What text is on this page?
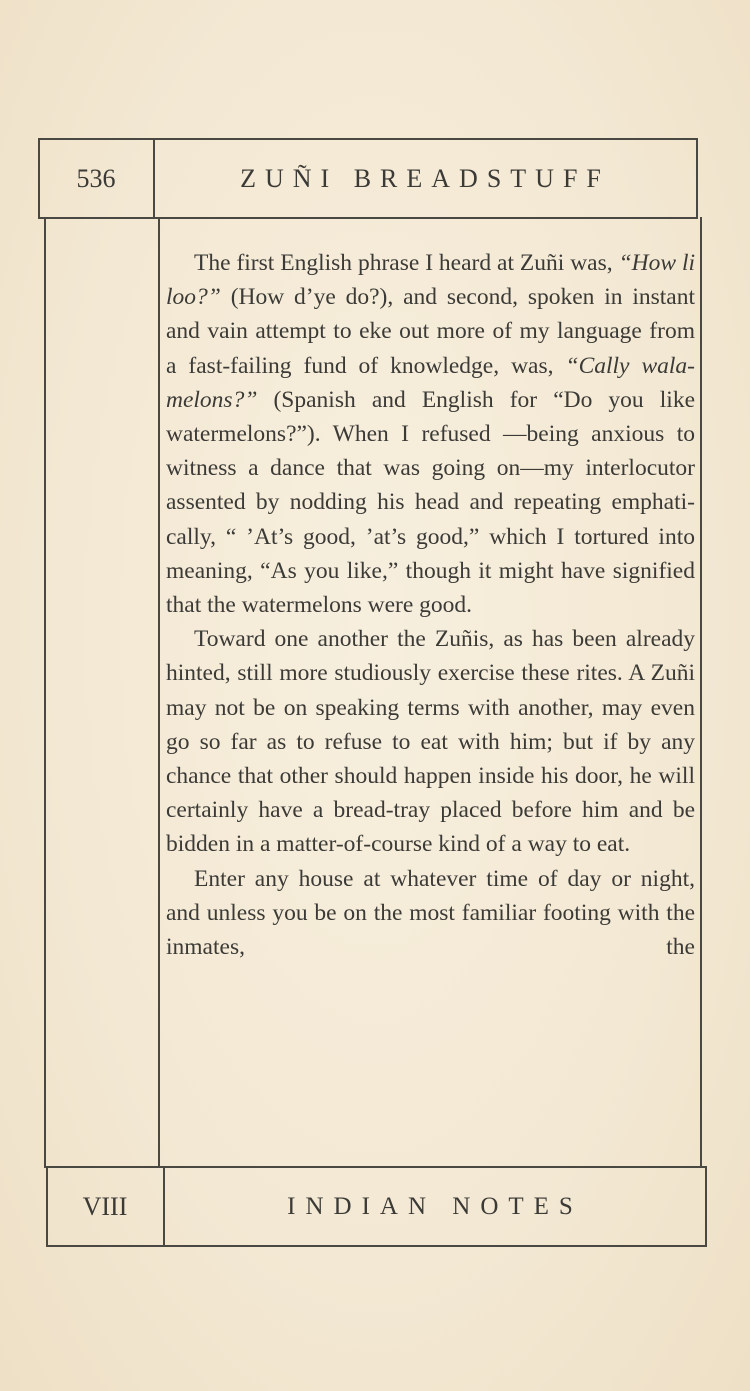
536	ZUÑI BREADSTUFF

The first English phrase I heard at Zuñi was, “How li loo?” (How d’ye do?), and second, spoken in instant and vain attempt to eke out more of my language from a fast-failing fund of knowledge, was, “Cally wala-melons?” (Spanish and English for “Do you like watermelons?”). When I refused —being anxious to witness a dance that was going on—my interlocutor assented by nodding his head and repeating emphati-cally, “ ’At’s good, ’at’s good,” which I tortured into meaning, “As you like,” though it might have signified that the watermelons were good.

Toward one another the Zuñis, as has been already hinted, still more studiously exercise these rites. A Zuñi may not be on speaking terms with another, may even go so far as to refuse to eat with him; but if by any chance that other should happen inside his door, he will certainly have a bread-tray placed before him and be bidden in a matter-of-course kind of a way to eat.

Enter any house at whatever time of day or night, and unless you be on the most familiar footing with the inmates, the

VIII	INDIAN NOTES
